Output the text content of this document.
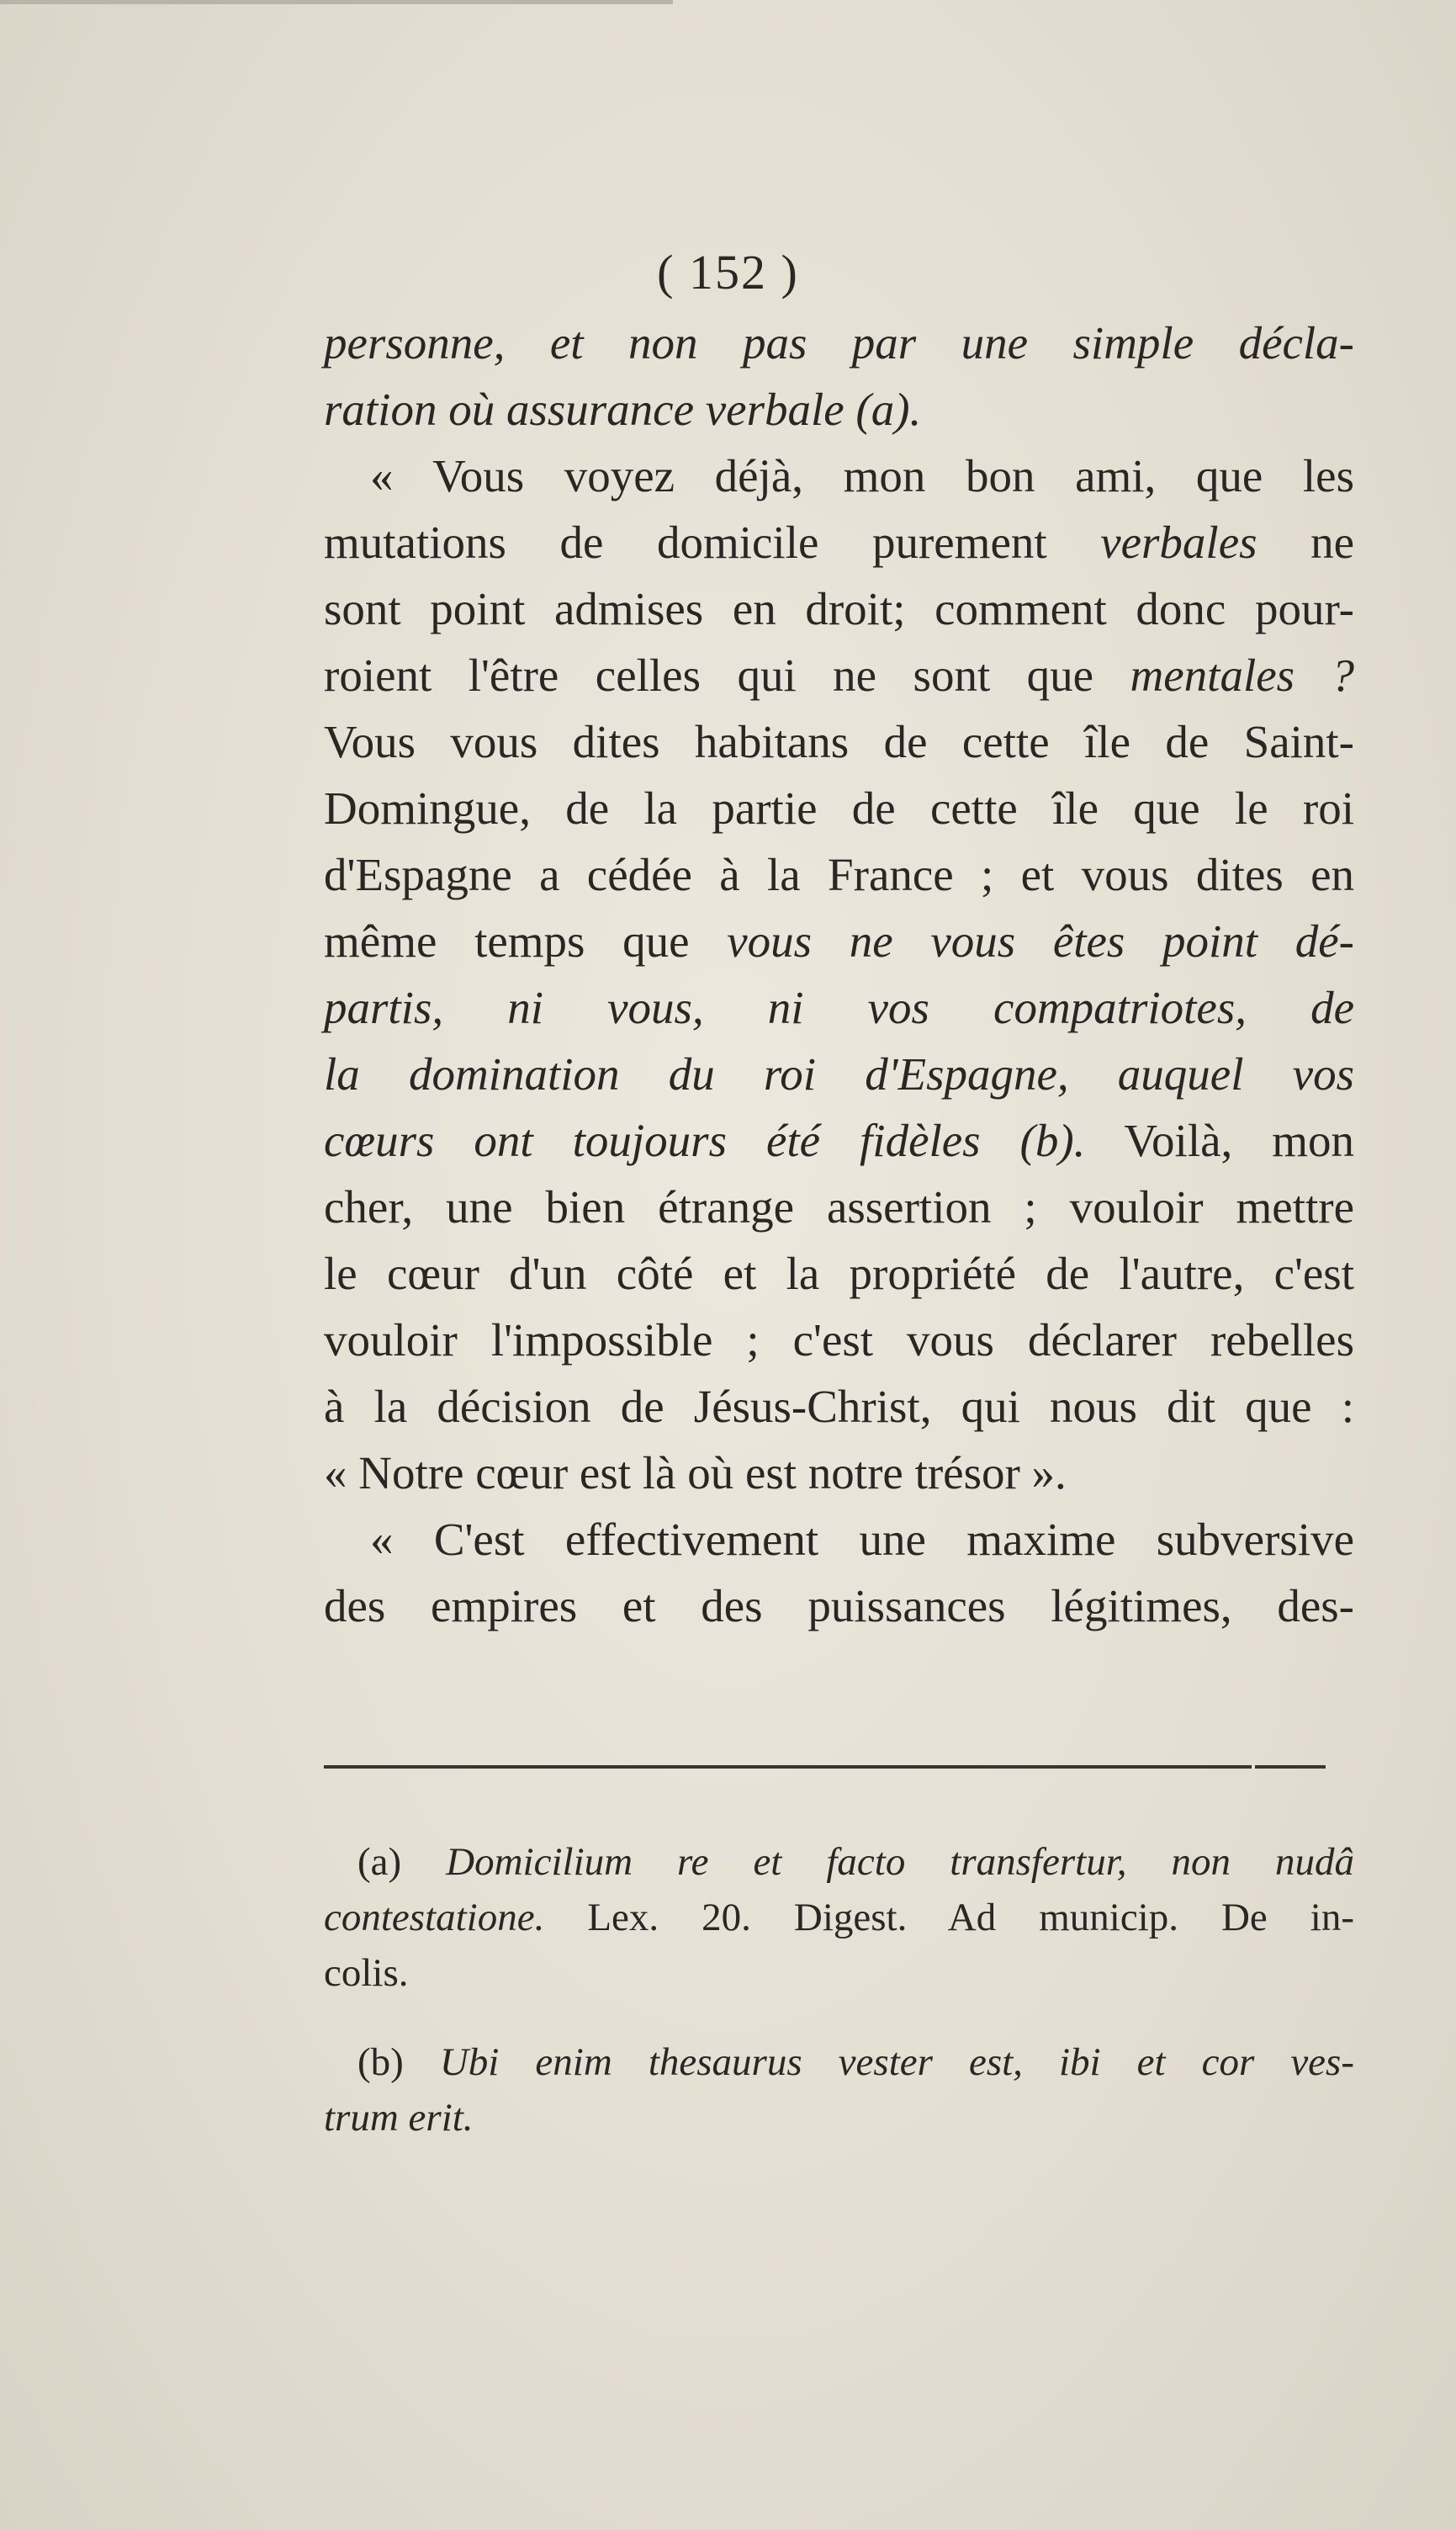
( 152 )
personne, et non pas par une simple décla-
ration où assurance verbale (a).
« Vous voyez déjà, mon bon ami, que les
mutations de domicile purement verbales ne
sont point admises en droit; comment donc pour-
roient l'être celles qui ne sont que mentales ?
Vous vous dites habitans de cette île de Saint-
Domingue, de la partie de cette île que le roi
d'Espagne a cédée à la France ; et vous dites en
même temps que vous ne vous êtes point dé-
partis, ni vous, ni vos compatriotes, de
la domination du roi d'Espagne, auquel vos
cœurs ont toujours été fidèles (b). Voilà, mon
cher, une bien étrange assertion ; vouloir mettre
le cœur d'un côté et la propriété de l'autre, c'est
vouloir l'impossible ; c'est vous déclarer rebelles
à la décision de Jésus-Christ, qui nous dit que :
« Notre cœur est là où est notre trésor ».
« C'est effectivement une maxime subversive
des empires et des puissances légitimes, des-
(a) Domicilium re et facto transfertur, non nudâ
contestatione. Lex. 20. Digest. Ad municip. De in-
colis.
(b) Ubi enim thesaurus vester est, ibi et cor ves-
trum erit.
